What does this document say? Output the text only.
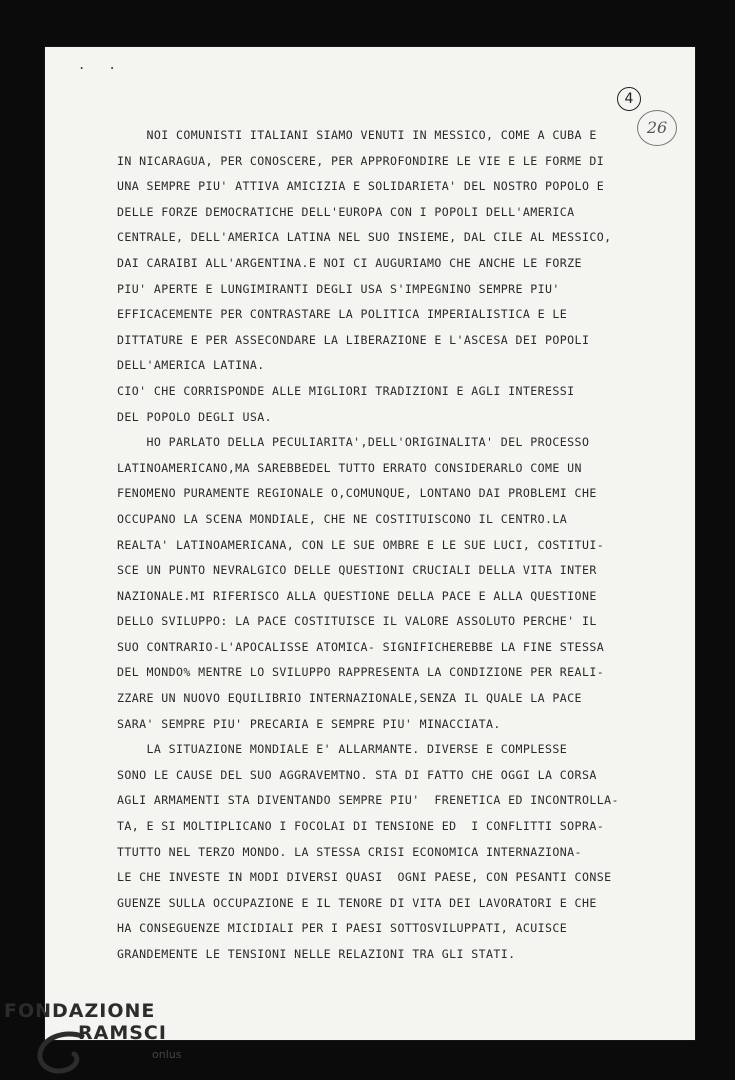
. .
4
26
NOI COMUNISTI ITALIANI SIAMO VENUTI IN MESSICO, COME A CUBA E
IN NICARAGUA, PER CONOSCERE, PER APPROFONDIRE LE VIE E LE FORME DI
UNA SEMPRE PIU' ATTIVA AMICIZIA E SOLIDARIETA' DEL NOSTRO POPOLO E
DELLE FORZE DEMOCRATICHE DELL'EUROPA CON I POPOLI DELL'AMERICA
CENTRALE, DELL'AMERICA LATINA NEL SUO INSIEME, DAL CILE AL MESSICO,
DAI CARAIBI ALL'ARGENTINA.E NOI CI AUGURIAMO CHE ANCHE LE FORZE
PIU' APERTE E LUNGIMIRANTI DEGLI USA S'IMPEGNINO SEMPRE PIU'
EFFICACEMENTE PER CONTRASTARE LA POLITICA IMPERIALISTICA E LE
DITTATURE E PER ASSECONDARE LA LIBERAZIONE E L'ASCESA DEI POPOLI
DELL'AMERICA LATINA.
CIO' CHE CORRISPONDE ALLE MIGLIORI TRADIZIONI E AGLI INTERESSI
DEL POPOLO DEGLI USA.
HO PARLATO DELLA PECULIARITA',DELL'ORIGINALITA' DEL PROCESSO
LATINOAMERICANO,MA SAREBBEDEL TUTTO ERRATO CONSIDERARLO COME UN
FENOMENO PURAMENTE REGIONALE O,COMUNQUE, LONTANO DAI PROBLEMI CHE
OCCUPANO LA SCENA MONDIALE, CHE NE COSTITUISCONO IL CENTRO.LA
REALTA' LATINOAMERICANA, CON LE SUE OMBRE E LE SUE LUCI, COSTITUI-
SCE UN PUNTO NEVRALGICO DELLE QUESTIONI CRUCIALI DELLA VITA INTER
NAZIONALE.MI RIFERISCO ALLA QUESTIONE DELLA PACE E ALLA QUESTIONE
DELLO SVILUPPO: LA PACE COSTITUISCE IL VALORE ASSOLUTO PERCHE' IL
SUO CONTRARIO-L'APOCALISSE ATOMICA- SIGNIFICHEREBBE LA FINE STESSA
DEL MONDO% MENTRE LO SVILUPPO RAPPRESENTA LA CONDIZIONE PER REALI-
ZZARE UN NUOVO EQUILIBRIO INTERNAZIONALE,SENZA IL QUALE LA PACE
SARA' SEMPRE PIU' PRECARIA E SEMPRE PIU' MINACCIATA.
LA SITUAZIONE MONDIALE E' ALLARMANTE. DIVERSE E COMPLESSE
SONO LE CAUSE DEL SUO AGGRAVEMTNO. STA DI FATTO CHE OGGI LA CORSA
AGLI ARMAMENTI STA DIVENTANDO SEMPRE PIU'  FRENETICA ED INCONTROLLA-
TA, E SI MOLTIPLICANO I FOCOLAI DI TENSIONE ED  I CONFLITTI SOPRA-
TTUTTO NEL TERZO MONDO. LA STESSA CRISI ECONOMICA INTERNAZIONA-
LE CHE INVESTE IN MODI DIVERSI QUASI  OGNI PAESE, CON PESANTI CONSE
GUENZE SULLA OCCUPAZIONE E IL TENORE DI VITA DEI LAVORATORI E CHE
HA CONSEGUENZE MICIDIALI PER I PAESI SOTTOSVILUPPATI, ACUISCE
GRANDEMENTE LE TENSIONI NELLE RELAZIONI TRA GLI STATI.
FONDAZIONE
RAMSCI
onlus
